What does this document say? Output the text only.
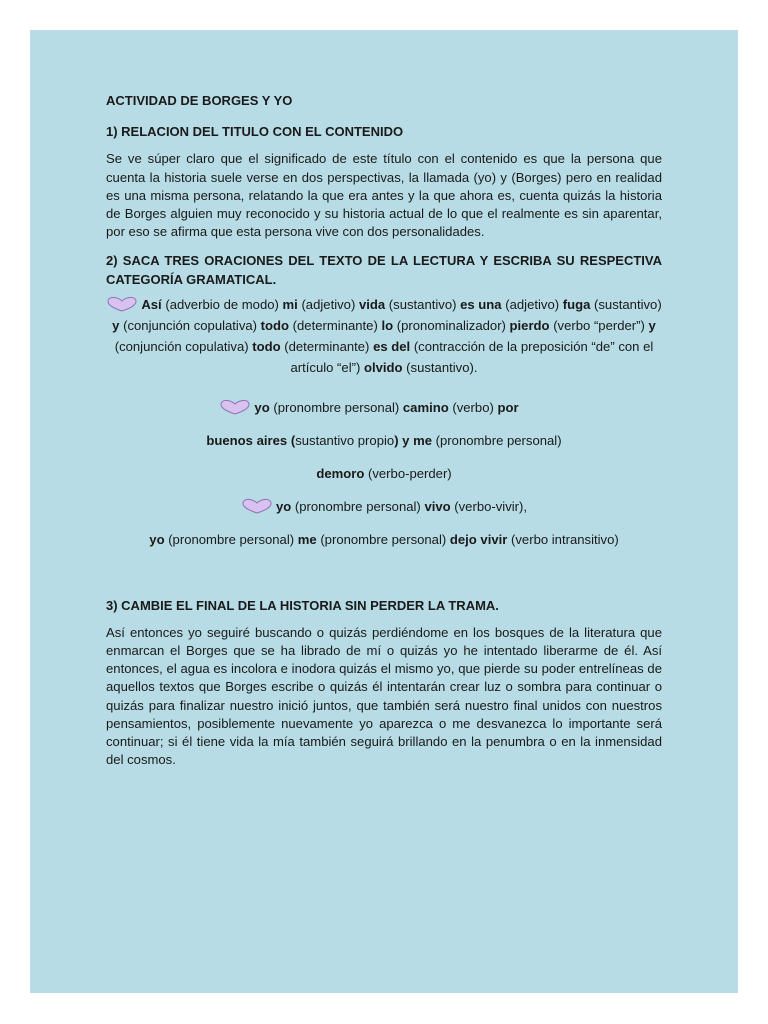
ACTIVIDAD DE BORGES Y YO
1) RELACION DEL TITULO CON EL CONTENIDO
Se ve súper claro que el significado de este título con el contenido es que la persona que cuenta la historia suele verse en dos perspectivas, la llamada (yo) y (Borges) pero en realidad es una misma persona, relatando la que era antes y la que ahora es, cuenta quizás la historia de Borges alguien muy reconocido y su historia actual de lo que el realmente es sin aparentar, por eso se afirma que esta persona vive con dos personalidades.
2) SACA TRES ORACIONES DEL TEXTO DE LA LECTURA Y ESCRIBA SU RESPECTIVA CATEGORÍA GRAMATICAL.
Así (adverbio de modo) mi (adjetivo) vida (sustantivo) es una (adjetivo) fuga (sustantivo) y (conjunción copulativa) todo (determinante) lo (pronominalizador) pierdo (verbo “perder”) y (conjunción copulativa) todo (determinante) es del (contracción de la preposición “de” con el artículo “el”) olvido (sustantivo).
yo (pronombre personal) camino (verbo) por
buenos aires (sustantivo propio) y me (pronombre personal)
demoro (verbo-perder)
yo (pronombre personal) vivo (verbo-vivir),
yo (pronombre personal) me (pronombre personal) dejo vivir (verbo intransitivo)
3) CAMBIE EL FINAL DE LA HISTORIA SIN PERDER LA TRAMA.
Así entonces yo seguiré buscando o quizás perdiéndome en los bosques de la literatura que enmarcan el Borges que se ha librado de mí o quizás yo he intentado liberarme de él. Así entonces, el agua es incolora e inodora quizás el mismo yo, que pierde su poder entrelíneas de aquellos textos que Borges escribe o quizás él intentarán crear luz o sombra para continuar o quizás para finalizar nuestro inició juntos, que también será nuestro final unidos con nuestros pensamientos, posiblemente nuevamente yo aparezca o me desvanezca lo importante será continuar; si él tiene vida la mía también seguirá brillando en la penumbra o en la inmensidad del cosmos.
